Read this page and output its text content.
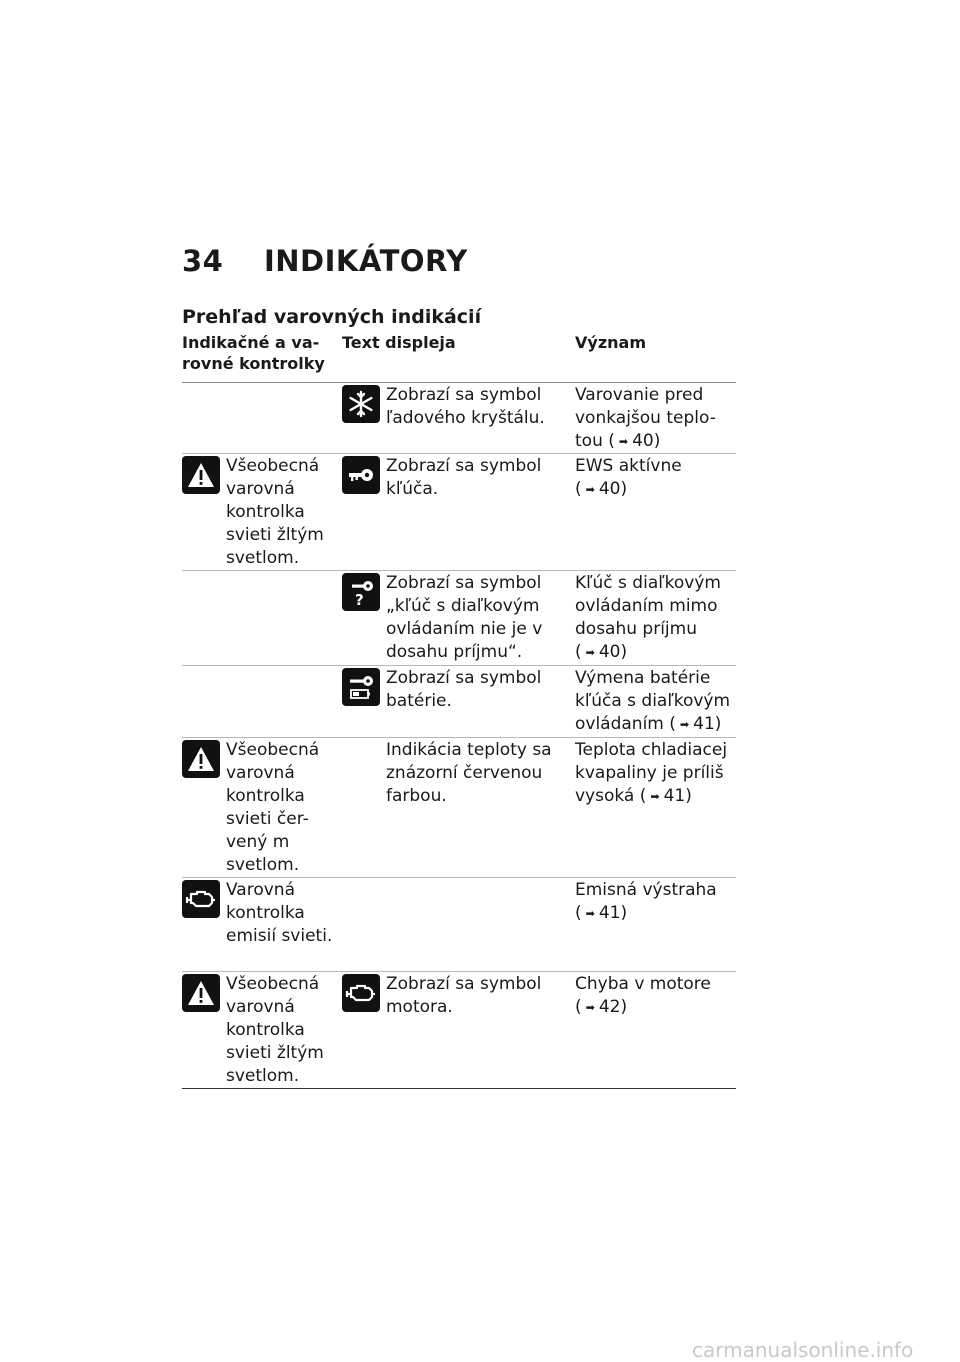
34 INDIKÁTORY
Prehľad varovných indikácií
Indikačné a va-
rovné kontrolky
Text displeja	Význam
Zobrazí sa symbol ľadového kryštálu.
Varovanie pred vonkajšou teplo-tou ( ➡ 40)
Všeobecná varovná kontrolka svieti žltým svetlom.
Zobrazí sa symbol kľúča.
EWS aktívne
( ➡ 40)
?
Zobrazí sa symbol „kľúč s diaľkovým ovládaním nie je v dosahu príjmu“.
Kľúč s diaľkovým ovládaním mimo dosahu príjmu
( ➡ 40)
Zobrazí sa symbol batérie.
Výmena batérie kľúča s diaľkovým ovládaním ( ➡ 41)
Všeobecná varovná kontrolka svieti čer-vený m svetlom.
Indikácia teploty sa znázorní červenou farbou.
Teplota chladiacej kvapaliny je príliš vysoká ( ➡ 41)
Varovná kontrolka emisií svieti.
Emisná výstraha
( ➡ 41)
Všeobecná varovná kontrolka svieti žltým svetlom.
Zobrazí sa symbol motora.
Chyba v motore
( ➡ 42)
carmanualsonline.info
